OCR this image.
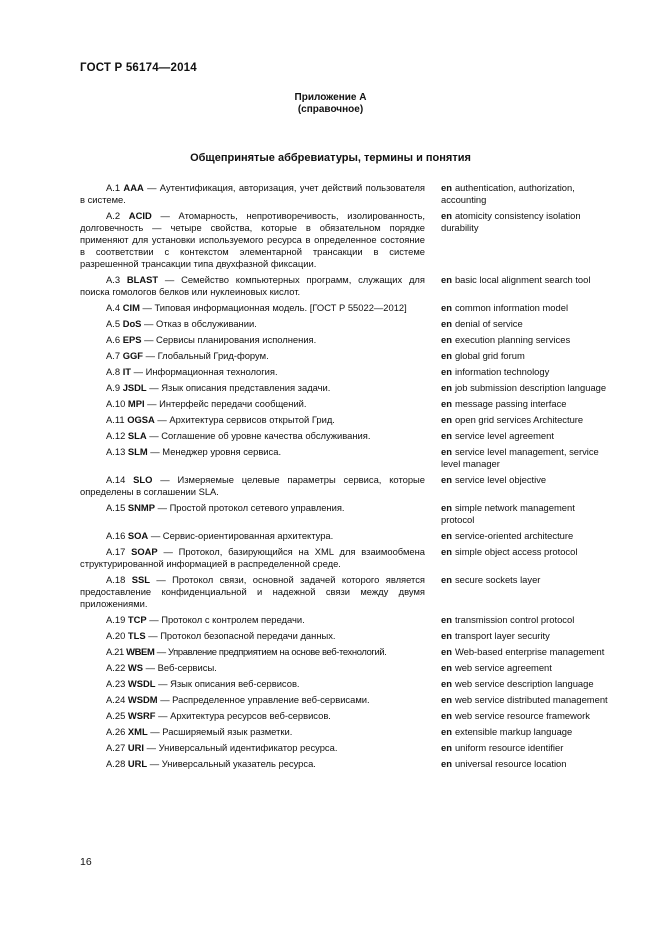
ГОСТ Р 56174—2014
Приложение А
(справочное)
Общепринятые аббревиатуры, термины и понятия
А.1 ААА — Аутентификация, авторизация, учет действий пользователя в системе.
en authentication, authorization, accounting
А.2 ACID — Атомарность, непротиворечивость, изолированность, долговечность — четыре свойства, которые в обязательном порядке применяют для установки используемого ресурса в определенное состояние в соответствии с контекстом элементарной трансакции в системе разрешенной трансакции типа двухфазной фиксации.
en atomicity consistency isolation durability
А.3 BLAST — Семейство компьютерных программ, служащих для поиска гомологов белков или нуклеиновых кислот.
en basic local alignment search tool
А.4 CIM — Типовая информационная модель. [ГОСТ Р 55022—2012]	en common information model
А.5 DoS — Отказ в обслуживании.	en denial of service
А.6 EPS — Сервисы планирования исполнения.	en execution planning services
А.7 GGF — Глобальный Грид-форум.	en global grid forum
А.8 IT — Информационная технология.	en information technology
А.9 JSDL — Язык описания представления задачи.	en job submission description language
А.10 MPI — Интерфейс передачи сообщений.	en message passing interface
А.11 OGSA — Архитектура сервисов открытой Грид.	en open grid services Architecture
А.12 SLA — Соглашение об уровне качества обслуживания.	en service level agreement
А.13 SLM — Менеджер уровня сервиса.	en service level management, service level manager
А.14 SLO — Измеряемые целевые параметры сервиса, которые определены в соглашении SLA.
en service level objective
А.15 SNMP — Простой протокол сетевого управления.	en simple network management protocol
А.16 SOA — Сервис-ориентированная архитектура.	en service-oriented architecture
А.17 SOAP — Протокол, базирующийся на XML для взаимообмена структурированной информацией в распределенной среде.
en simple object access protocol
А.18 SSL — Протокол связи, основной задачей которого является предоставление конфиденциальной и надежной связи между двумя приложениями.
en secure sockets layer
А.19 TCP — Протокол с контролем передачи.	en transmission control protocol
А.20 TLS — Протокол безопасной передачи данных.	en transport layer security
А.21 WBEM — Управление предприятием на основе веб-технологий.	en Web-based enterprise management
А.22 WS — Веб-сервисы.	en web service agreement
А.23 WSDL — Язык описания веб-сервисов.	en web service description language
А.24 WSDM — Распределенное управление веб-сервисами.	en web service distributed management
А.25 WSRF — Архитектура ресурсов веб-сервисов.	en web service resource framework
А.26 XML — Расширяемый язык разметки.	en extensible markup language
А.27 URI — Универсальный идентификатор ресурса.	en uniform resource identifier
А.28 URL — Универсальный указатель ресурса.	en universal resource location
16
